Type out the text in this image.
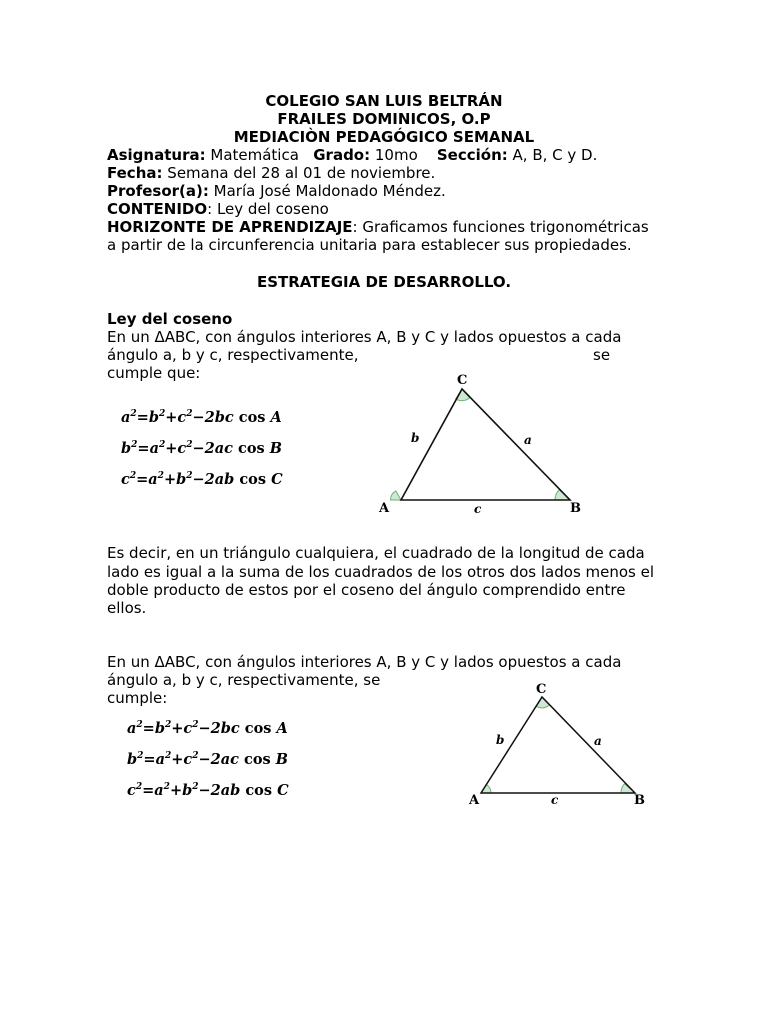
COLEGIO SAN LUIS BELTRÁN
FRAILES DOMINICOS, O.P
MEDIACIÒN PEDAGÓGICO SEMANAL
Asignatura: Matemática Grado: 10mo Sección: A, B, C y D.
Fecha: Semana del 28 al 01 de noviembre.
Profesor(a): María José Maldonado Méndez.
CONTENIDO: Ley del coseno
HORIZONTE DE APRENDIZAJE: Graficamos funciones trigonométricas
a partir de la circunferencia unitaria para establecer sus propiedades.
ESTRATEGIA DE DESARROLLO.
Ley del coseno
En un ΔABC, con ángulos interiores A, B y C y lados opuestos a cada
ángulo a, b y c, respectivamente,	se
cumple que:
$a^2=b^2+c^2-2bc$ cos A
$b^2=a^2+c^2-2ac$ cos B
$c^2=a^2+b^2-2ab$ cos C
A	B
C
a
b
c
Es decir, en un triángulo cualquiera, el cuadrado de la longitud de cada
lado es igual a la suma de los cuadrados de los otros dos lados menos el
doble producto de estos por el coseno del ángulo comprendido entre
ellos.
En un ΔABC, con ángulos interiores A, B y C y lados opuestos a cada
ángulo a, b y c, respectivamente, se
cumple:
$a^2=b^2+c^2-2bc$ cos A
$b^2=a^2+c^2-2ac$ cos B
$c^2=a^2+b^2-2ab$ cos C
A	B
C
a
b
c
